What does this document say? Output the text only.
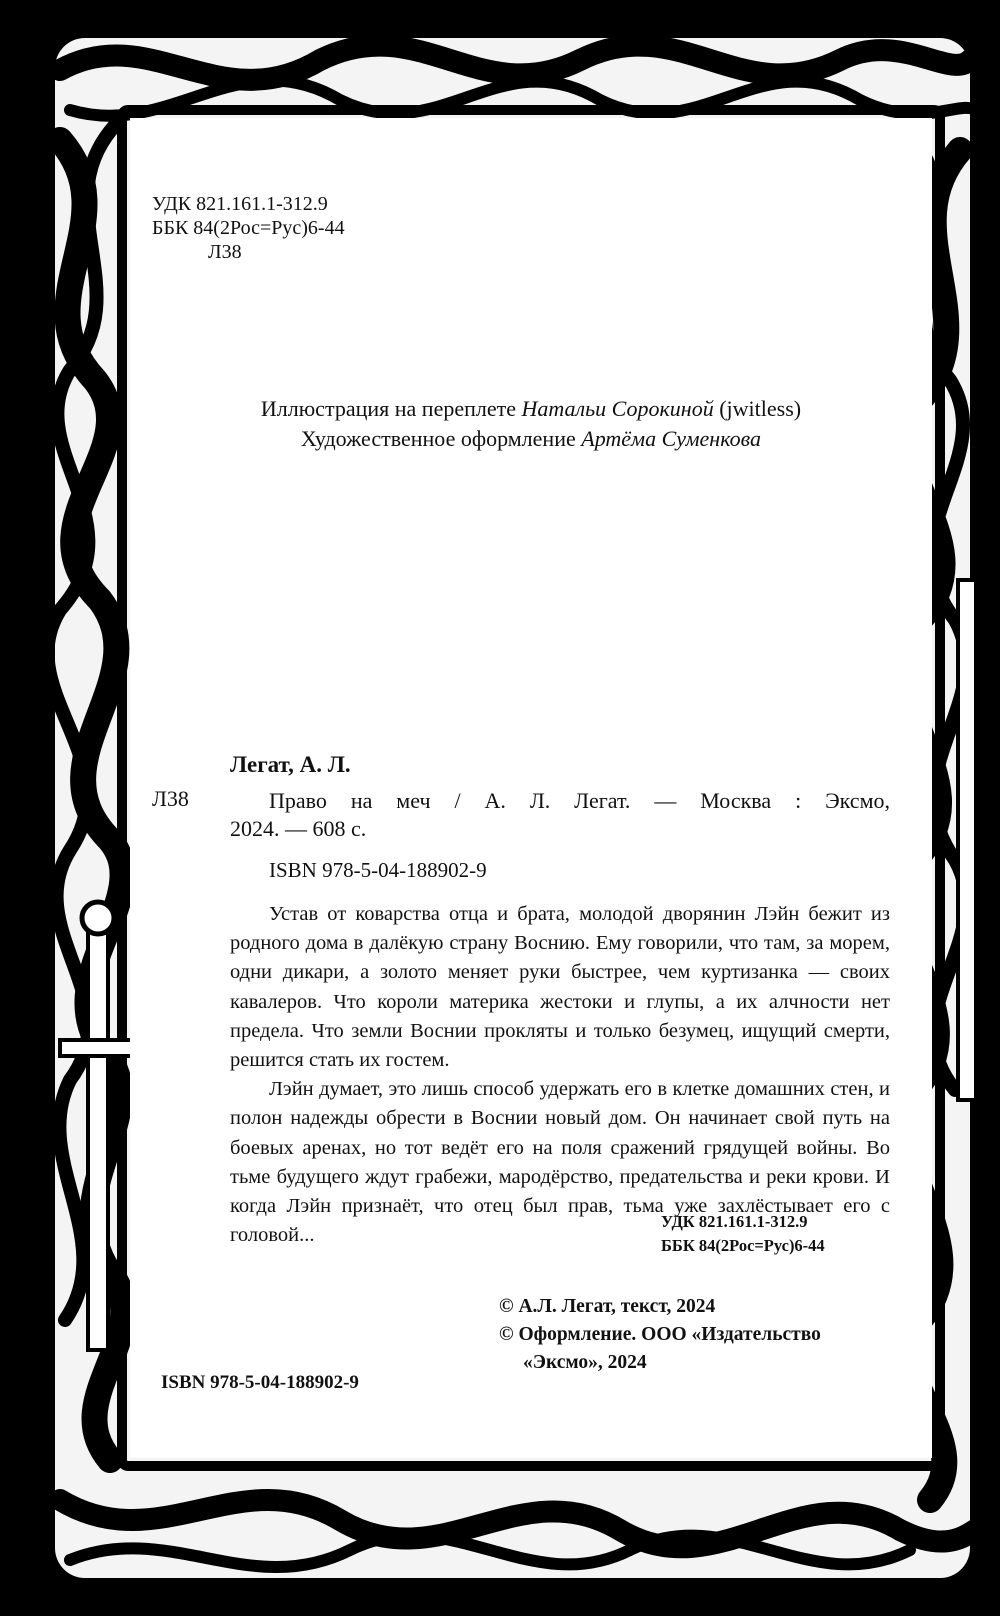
УДК 821.161.1-312.9
ББК 84(2Рос=Рус)6-44
Л38
Иллюстрация на переплете Натальи Сорокиной (jwitless)
Художественное оформление Артёма Суменкова
Легат, А. Л.
Л38	Право на меч / А. Л. Легат. — Москва : Эксмо,
2024. — 608 с.
ISBN 978-5-04-188902-9

Устав от коварства отца и брата, молодой дворянин Лэйн бежит из родного дома в далёкую страну Воснию. Ему говорили, что там, за морем, одни дикари, а золото меняет руки быстрее, чем куртизанка — своих кавалеров. Что короли материка жестоки и глупы, а их алчности нет предела. Что земли Воснии прокляты и только безумец, ищущий смерти, решится стать их гостем.

Лэйн думает, это лишь способ удержать его в клетке домашних стен, и полон надежды обрести в Воснии новый дом. Он начинает свой путь на боевых аренах, но тот ведёт его на поля сражений грядущей войны. Во тьме будущего ждут грабежи, мародёрство, предательства и реки крови. И когда Лэйн признаёт, что отец был прав, тьма уже захлёстывает его с головой...

УДК 821.161.1-312.9
ББК 84(2Рос=Рус)6-44
© А.Л. Легат, текст, 2024
© Оформление. ООО «Издательство
«Эксмо», 2024
ISBN 978-5-04-188902-9
